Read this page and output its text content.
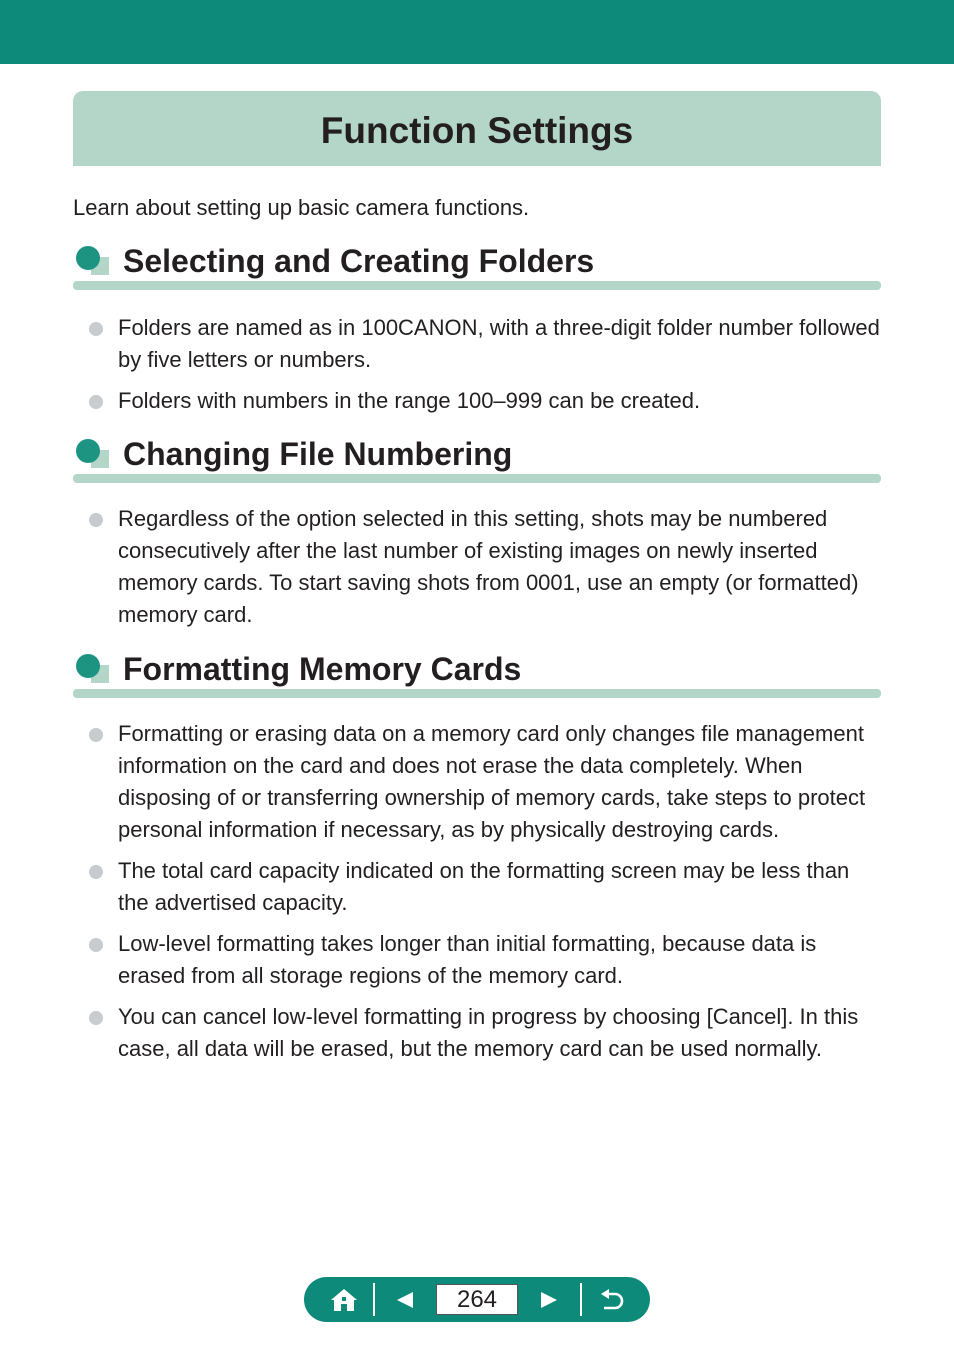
Function Settings
Learn about setting up basic camera functions.
Selecting and Creating Folders
Folders are named as in 100CANON, with a three-digit folder number followed by five letters or numbers.
Folders with numbers in the range 100–999 can be created.
Changing File Numbering
Regardless of the option selected in this setting, shots may be numbered consecutively after the last number of existing images on newly inserted memory cards. To start saving shots from 0001, use an empty (or formatted) memory card.
Formatting Memory Cards
Formatting or erasing data on a memory card only changes file management information on the card and does not erase the data completely. When disposing of or transferring ownership of memory cards, take steps to protect personal information if necessary, as by physically destroying cards.
The total card capacity indicated on the formatting screen may be less than the advertised capacity.
Low-level formatting takes longer than initial formatting, because data is erased from all storage regions of the memory card.
You can cancel low-level formatting in progress by choosing [Cancel]. In this case, all data will be erased, but the memory card can be used normally.
264
